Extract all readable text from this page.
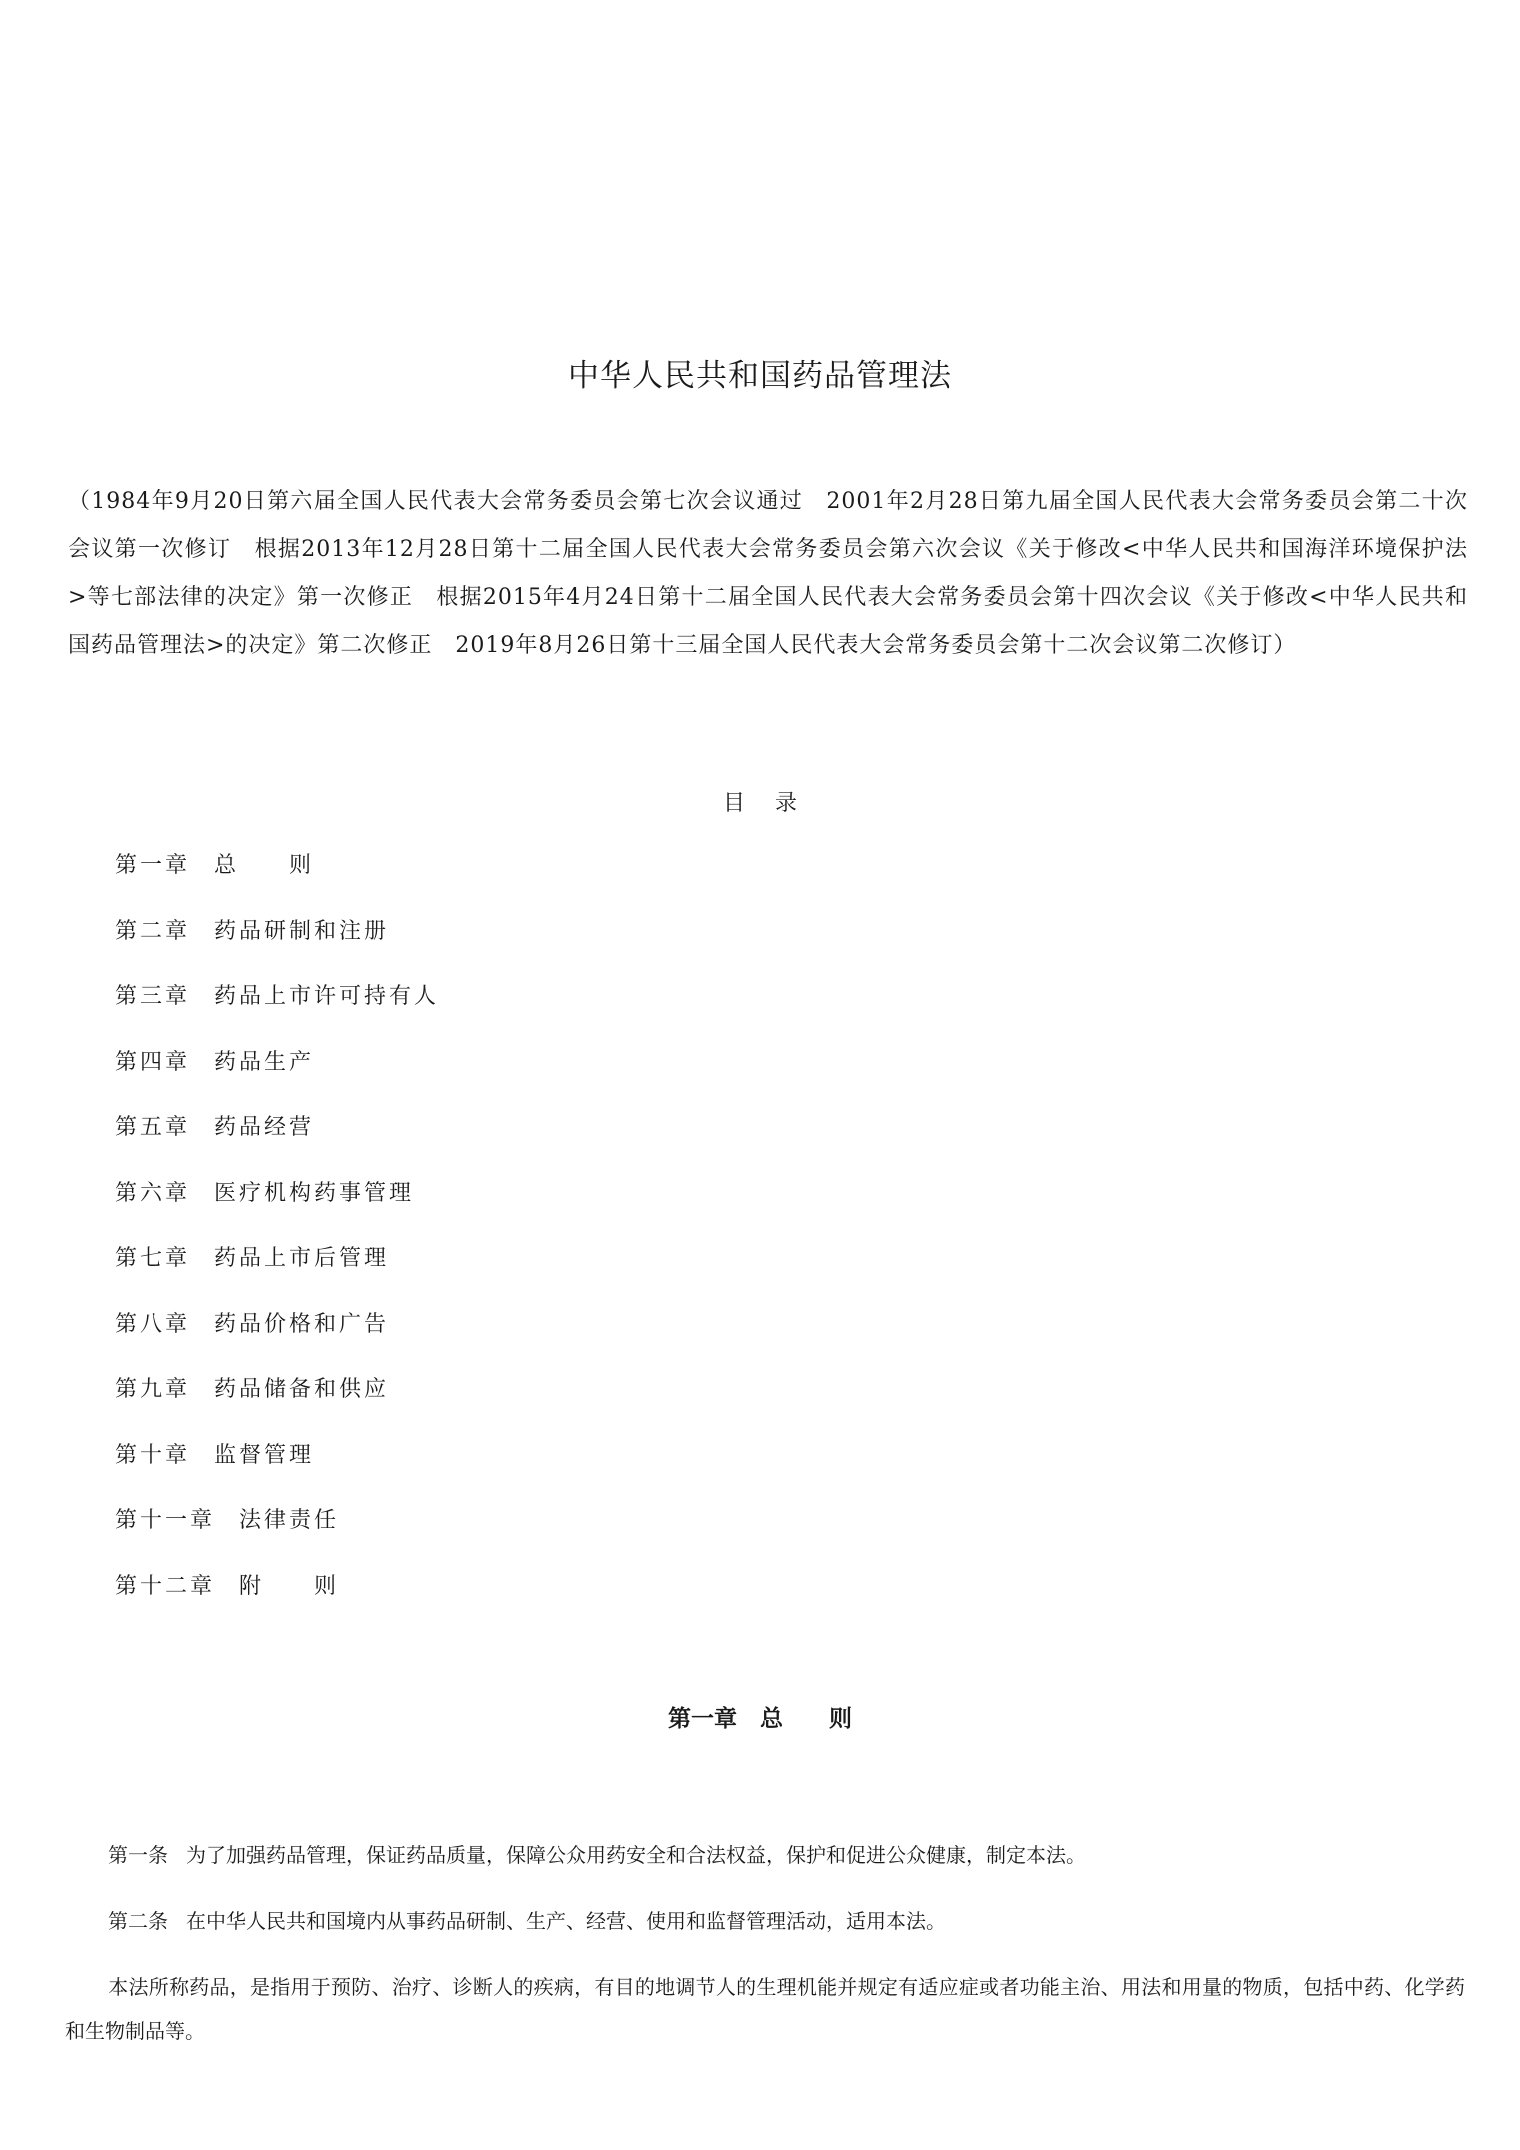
中华人民共和国药品管理法

（1984年9月20日第六届全国人民代表大会常务委员会第七次会议通过　2001年2月28日第九届全国人民代表大会常务委员会第二十次会议第一次修订　根据2013年12月28日第十二届全国人民代表大会常务委员会第六次会议《关于修改<中华人民共和国海洋环境保护法>等七部法律的决定》第一次修正　根据2015年4月24日第十二届全国人民代表大会常务委员会第十四次会议《关于修改<中华人民共和国药品管理法>的决定》第二次修正　2019年8月26日第十三届全国人民代表大会常务委员会第十二次会议第二次修订）

目录
第一章 总　　则
第二章 药品研制和注册
第三章 药品上市许可持有人
第四章 药品生产
第五章 药品经营
第六章 医疗机构药事管理
第七章 药品上市后管理
第八章 药品价格和广告
第九章 药品储备和供应
第十章 监督管理
第十一章 法律责任
第十二章 附　　则
第一章　总　　则

第一条 为了加强药品管理，保证药品质量，保障公众用药安全和合法权益，保护和促进公众健康，制定本法。

第二条 在中华人民共和国境内从事药品研制、生产、经营、使用和监督管理活动，适用本法。

本法所称药品，是指用于预防、治疗、诊断人的疾病，有目的地调节人的生理机能并规定有适应症或者功能主治、用法和用量的物质，包括中药、化学药和生物制品等。
